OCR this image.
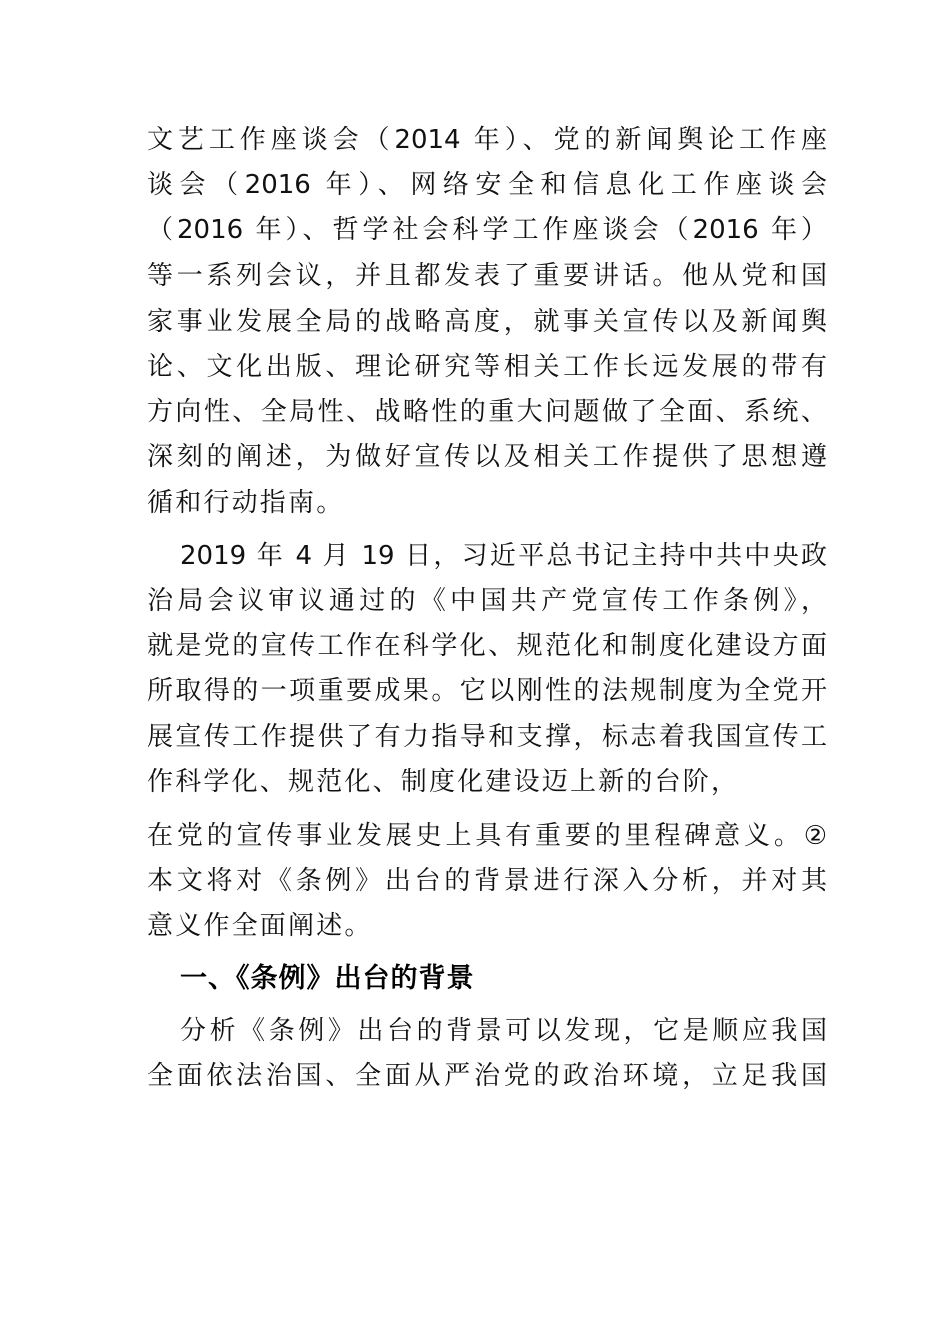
文艺工作座谈会（2014 年）、党的新闻舆论工作座

谈会（2016 年）、网络安全和信息化工作座谈会

（2016 年）、哲学社会科学工作座谈会（2016 年）

等一系列会议，并且都发表了重要讲话。他从党和国

家事业发展全局的战略高度，就事关宣传以及新闻舆

论、文化出版、理论研究等相关工作长远发展的带有

方向性、全局性、战略性的重大问题做了全面、系统、

深刻的阐述，为做好宣传以及相关工作提供了思想遵

循和行动指南。

2019 年 4 月 19 日，习近平总书记主持中共中央政

治局会议审议通过的《中国共产党宣传工作条例》，

就是党的宣传工作在科学化、规范化和制度化建设方面

所取得的一项重要成果。它以刚性的法规制度为全党开

展宣传工作提供了有力指导和支撑，标志着我国宣传工

作科学化、规范化、制度化建设迈上新的台阶，

在党的宣传事业发展史上具有重要的里程碑意义。②

本文将对《条例》出台的背景进行深入分析，并对其

意义作全面阐述。

一、《条例》出台的背景

分析《条例》出台的背景可以发现，它是顺应我国

全面依法治国、全面从严治党的政治环境，立足我国
